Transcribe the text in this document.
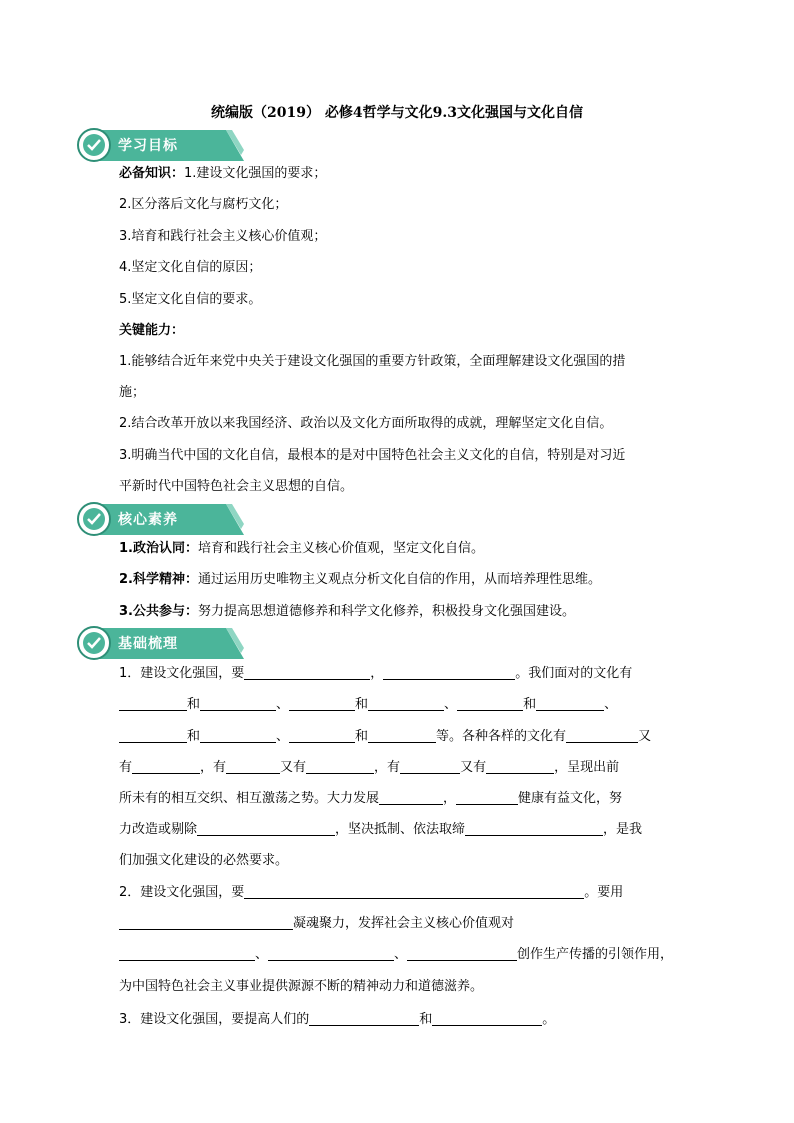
统编版（2019） 必修4哲学与文化9.3文化强国与文化自信
学习目标
必备知识：1.建设文化强国的要求；
2.区分落后文化与腐朽文化；
3.培育和践行社会主义核心价值观；
4.坚定文化自信的原因；
5.坚定文化自信的要求。
关键能力：
1.能够结合近年来党中央关于建设文化强国的重要方针政策，全面理解建设文化强国的措
施；
2.结合改革开放以来我国经济、政治以及文化方面所取得的成就，理解坚定文化自信。
3.明确当代中国的文化自信，最根本的是对中国特色社会主义文化的自信，特别是对习近
平新时代中国特色社会主义思想的自信。
核心素养
1.政治认同：培育和践行社会主义核心价值观，坚定文化自信。
2.科学精神：通过运用历史唯物主义观点分析文化自信的作用，从而培养理性思维。
3.公共参与：努力提高思想道德修养和科学文化修养，积极投身文化强国建设。
基础梳理
1．建设文化强国，要	，	。我们面对的文化有
和	、	和	、	和	、
和	、	和	等。各种各样的文化有	又
有	，有	又有	，有	又有	，呈现出前
所未有的相互交织、相互激荡之势。大力发展	，	健康有益文化，努
力改造或剔除	，坚决抵制、依法取缔	，是我
们加强文化建设的必然要求。
2．建设文化强国，要	。要用
凝魂聚力，发挥社会主义核心价值观对
、	、	创作生产传播的引领作用，
为中国特色社会主义事业提供源源不断的精神动力和道德滋养。
3．建设文化强国，要提高人们的	和	。
